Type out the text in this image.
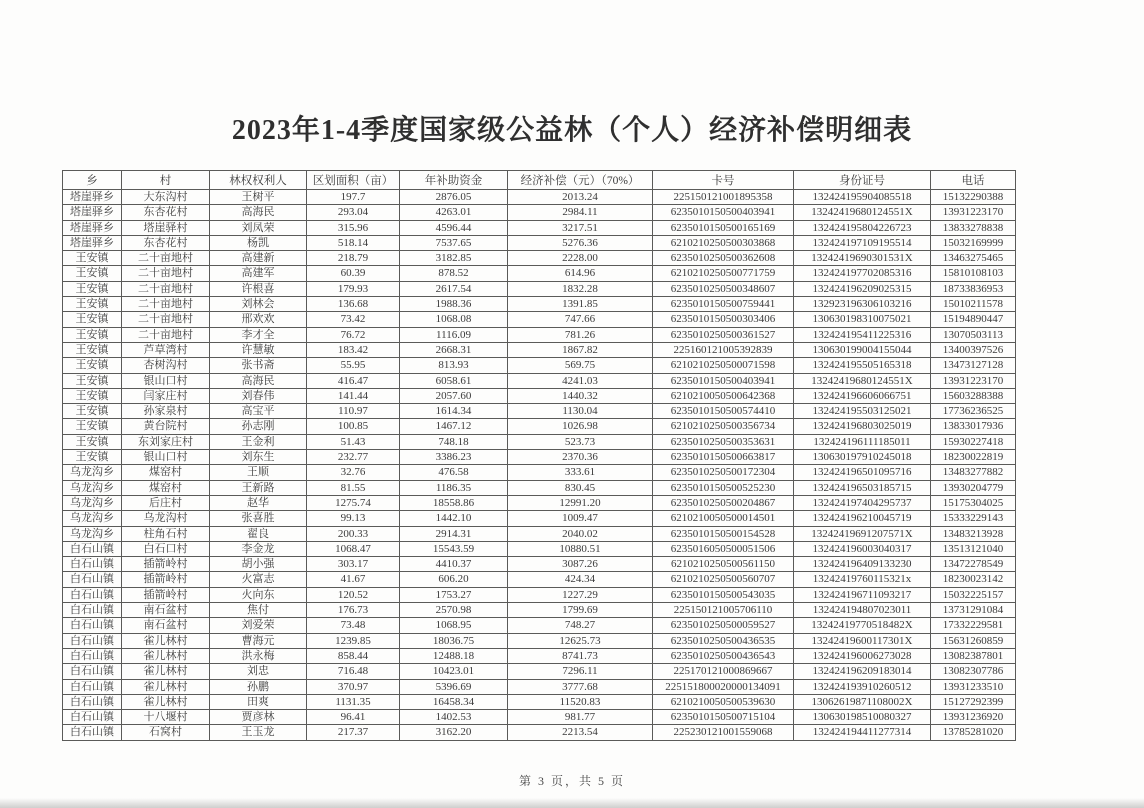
2023年1-4季度国家级公益林（个人）经济补偿明细表
乡	村	林权权利人	区划面积（亩）	年补助资金	经济补偿（元）（70%）	卡号	身份证号	电话
塔崖驿乡	大东沟村	王树平	197.7	2876.05	2013.24	225150121001895358	132424195904085518	15132290388
塔崖驿乡	东杏花村	高海民	293.04	4263.01	2984.11	6235010150500403941	13242419680124551X	13931223170
塔崖驿乡	塔崖驿村	刘凤荣	315.96	4596.44	3217.51	6235010150500165169	132424195804226723	13833278838
塔崖驿乡	东杏花村	杨凯	518.14	7537.65	5276.36	6210210250500303868	132424197109195514	15032169999
王安镇	二十亩地村	高建新	218.79	3182.85	2228.00	6235010250500362608	13242419690301531X	13463275465
王安镇	二十亩地村	高建军	60.39	878.52	614.96	6210210250500771759	132424197702085316	15810108103
王安镇	二十亩地村	许根喜	179.93	2617.54	1832.28	6235010250500348607	132424196209025315	18733836953
王安镇	二十亩地村	刘林会	136.68	1988.36	1391.85	6235010150500759441	132923196306103216	15010211578
王安镇	二十亩地村	邢欢欢	73.42	1068.08	747.66	6235010150500303406	130630198310075021	15194890447
王安镇	二十亩地村	李才全	76.72	1116.09	781.26	6235010250500361527	132424195411225316	13070503113
王安镇	芦草湾村	许慧敏	183.42	2668.31	1867.82	225160121005392839	130630199004155044	13400397526
王安镇	杏树沟村	张书斋	55.95	813.93	569.75	6210210250500071598	132424195505165318	13473127128
王安镇	银山口村	高海民	416.47	6058.61	4241.03	6235010150500403941	13242419680124551X	13931223170
王安镇	闫家庄村	刘春伟	141.44	2057.60	1440.32	6210210050500642368	132424196606066751	15603288388
王安镇	孙家泉村	高宝平	110.97	1614.34	1130.04	6235010150500574410	132424195503125021	17736236525
王安镇	黄台院村	孙志刚	100.85	1467.12	1026.98	6210210250500356734	132424196803025019	13833017936
王安镇	东刘家庄村	王金利	51.43	748.18	523.73	6235010250500353631	132424196111185011	15930227418
王安镇	银山口村	刘东生	232.77	3386.23	2370.36	6235010150500663817	130630197910245018	18230022819
乌龙沟乡	煤窑村	王顺	32.76	476.58	333.61	6235010250500172304	132424196501095716	13483277882
乌龙沟乡	煤窑村	王新路	81.55	1186.35	830.45	6235010150500525230	132424196503185715	13930204779
乌龙沟乡	后庄村	赵华	1275.74	18558.86	12991.20	6235010250500204867	132424197404295737	15175304025
乌龙沟乡	乌龙沟村	张喜胜	99.13	1442.10	1009.47	6210210050500014501	132424196210045719	15333229143
乌龙沟乡	柱角石村	翟良	200.33	2914.31	2040.02	6235010150500154528	13242419691207571X	13483213928
白石山镇	白石口村	李金龙	1068.47	15543.59	10880.51	6235016050500051506	132424196003040317	13513121040
白石山镇	插箭岭村	胡小强	303.17	4410.37	3087.26	6210210250500561150	132424196409133230	13472278549
白石山镇	插箭岭村	火富志	41.67	606.20	424.34	6210210250500560707	13242419760115321x	18230023142
白石山镇	插箭岭村	火向东	120.52	1753.27	1227.29	6235010150500543035	132424196711093217	15032225157
白石山镇	南石盆村	焦付	176.73	2570.98	1799.69	225150121005706110	132424194807023011	13731291084
白石山镇	南石盆村	刘爱荣	73.48	1068.95	748.27	6235010250500059527	13242419770518482X	17332229581
白石山镇	雀儿林村	曹海元	1239.85	18036.75	12625.73	6235010250500436535	13242419600117301X	15631260859
白石山镇	雀儿林村	洪永梅	858.44	12488.18	8741.73	6235010250500436543	132424196006273028	13082387801
白石山镇	雀儿林村	刘忠	716.48	10423.01	7296.11	225170121000869667	132424196209183014	13082307786
白石山镇	雀儿林村	孙鹏	370.97	5396.69	3777.68	225151800020000134091	132424193910260512	13931233510
白石山镇	雀儿林村	田爽	1131.35	16458.34	11520.83	6210210050500539630	13062619871108002X	15127292399
白石山镇	十八堰村	贾彦林	96.41	1402.53	981.77	6235010150500715104	130630198510080327	13931236920
白石山镇	石窝村	王玉龙	217.37	3162.20	2213.54	225230121001559068	132424194411277314	13785281020
第 3 页，共 5 页
